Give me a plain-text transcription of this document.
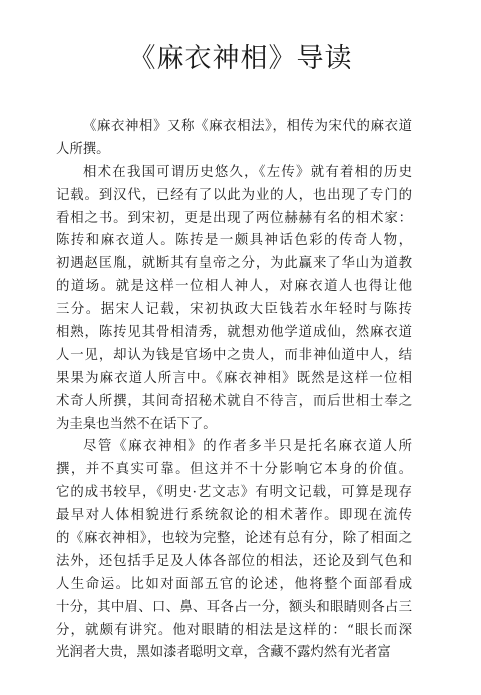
《麻衣神相》导读
《麻衣神相》又称《麻衣相法》，相传为宋代的麻衣道
人所撰。
相术在我国可谓历史悠久，《左传》就有着相的历史
记载。到汉代，已经有了以此为业的人，也出现了专门的
看相之书。到宋初，更是出现了两位赫赫有名的相术家：
陈抟和麻衣道人。陈抟是一颇具神话色彩的传奇人物，
初遇赵匡胤，就断其有皇帝之分，为此赢来了华山为道教
的道场。就是这样一位相人神人，对麻衣道人也得让他
三分。据宋人记载，宋初执政大臣钱若水年轻时与陈抟
相熟，陈抟见其骨相清秀，就想劝他学道成仙，然麻衣道
人一见，却认为钱是官场中之贵人，而非神仙道中人，结
果果为麻衣道人所言中。《麻衣神相》既然是这样一位相
术奇人所撰，其间奇招秘术就自不待言，而后世相士奉之
为圭臬也当然不在话下了。
尽管《麻衣神相》的作者多半只是托名麻衣道人所
撰，并不真实可靠。但这并不十分影响它本身的价值。
它的成书较早，《明史·艺文志》有明文记载，可算是现存
最早对人体相貌进行系统叙论的相术著作。即现在流传
的《麻衣神相》，也较为完整，论述有总有分，除了相面之
法外，还包括手足及人体各部位的相法，还论及到气色和
人生命运。比如对面部五官的论述，他将整个面部看成
十分，其中眉、口、鼻、耳各占一分，额头和眼睛则各占三
分，就颇有讲究。他对眼睛的相法是这样的：“眼长而深
光润者大贵，黑如漆者聪明文章，含藏不露灼然有光者富
